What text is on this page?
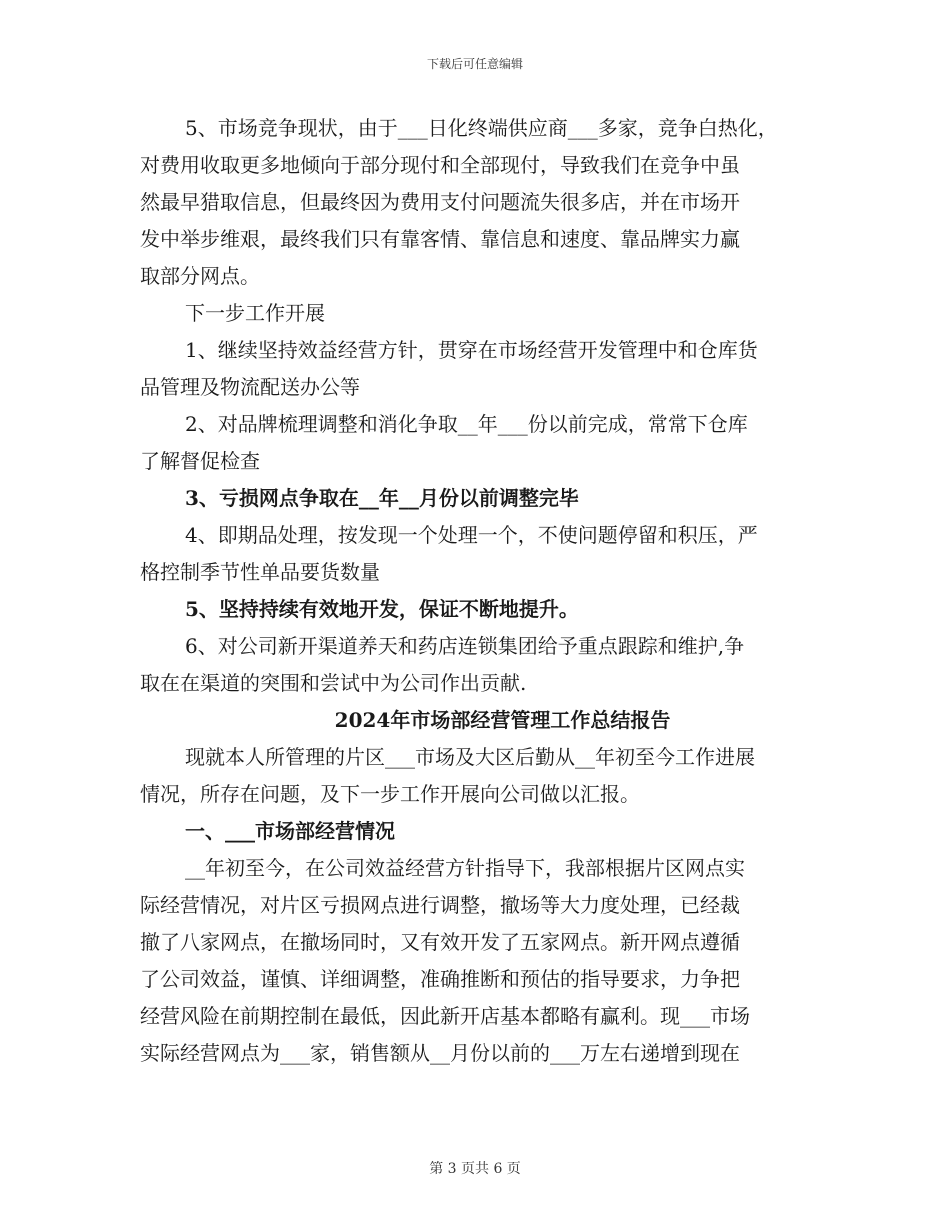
下载后可任意编辑

5、市场竞争现状，由于___日化终端供应商___多家，竞争白热化，

对费用收取更多地倾向于部分现付和全部现付，导致我们在竞争中虽

然最早猎取信息，但最终因为费用支付问题流失很多店，并在市场开

发中举步维艰，最终我们只有靠客情、靠信息和速度、靠品牌实力赢

取部分网点。

下一步工作开展

1、继续坚持效益经营方针，贯穿在市场经营开发管理中和仓库货

品管理及物流配送办公等

2、对品牌梳理调整和消化争取__年___份以前完成，常常下仓库

了解督促检查

3、亏损网点争取在__年__月份以前调整完毕

4、即期品处理，按发现一个处理一个，不使问题停留和积压，严

格控制季节性单品要货数量

5、坚持持续有效地开发，保证不断地提升。

6、对公司新开渠道养天和药店连锁集团给予重点跟踪和维护,争

取在在渠道的突围和尝试中为公司作出贡献.

2024年市场部经营管理工作总结报告

现就本人所管理的片区___市场及大区后勤从__年初至今工作进展

情况，所存在问题，及下一步工作开展向公司做以汇报。

一、___市场部经营情况

__年初至今，在公司效益经营方针指导下，我部根据片区网点实

际经营情况，对片区亏损网点进行调整，撤场等大力度处理，已经裁

撤了八家网点，在撤场同时，又有效开发了五家网点。新开网点遵循

了公司效益，谨慎、详细调整，准确推断和预估的指导要求，力争把

经营风险在前期控制在最低，因此新开店基本都略有赢利。现___市场

实际经营网点为___家，销售额从__月份以前的___万左右递增到现在

第 3 页共 6 页
